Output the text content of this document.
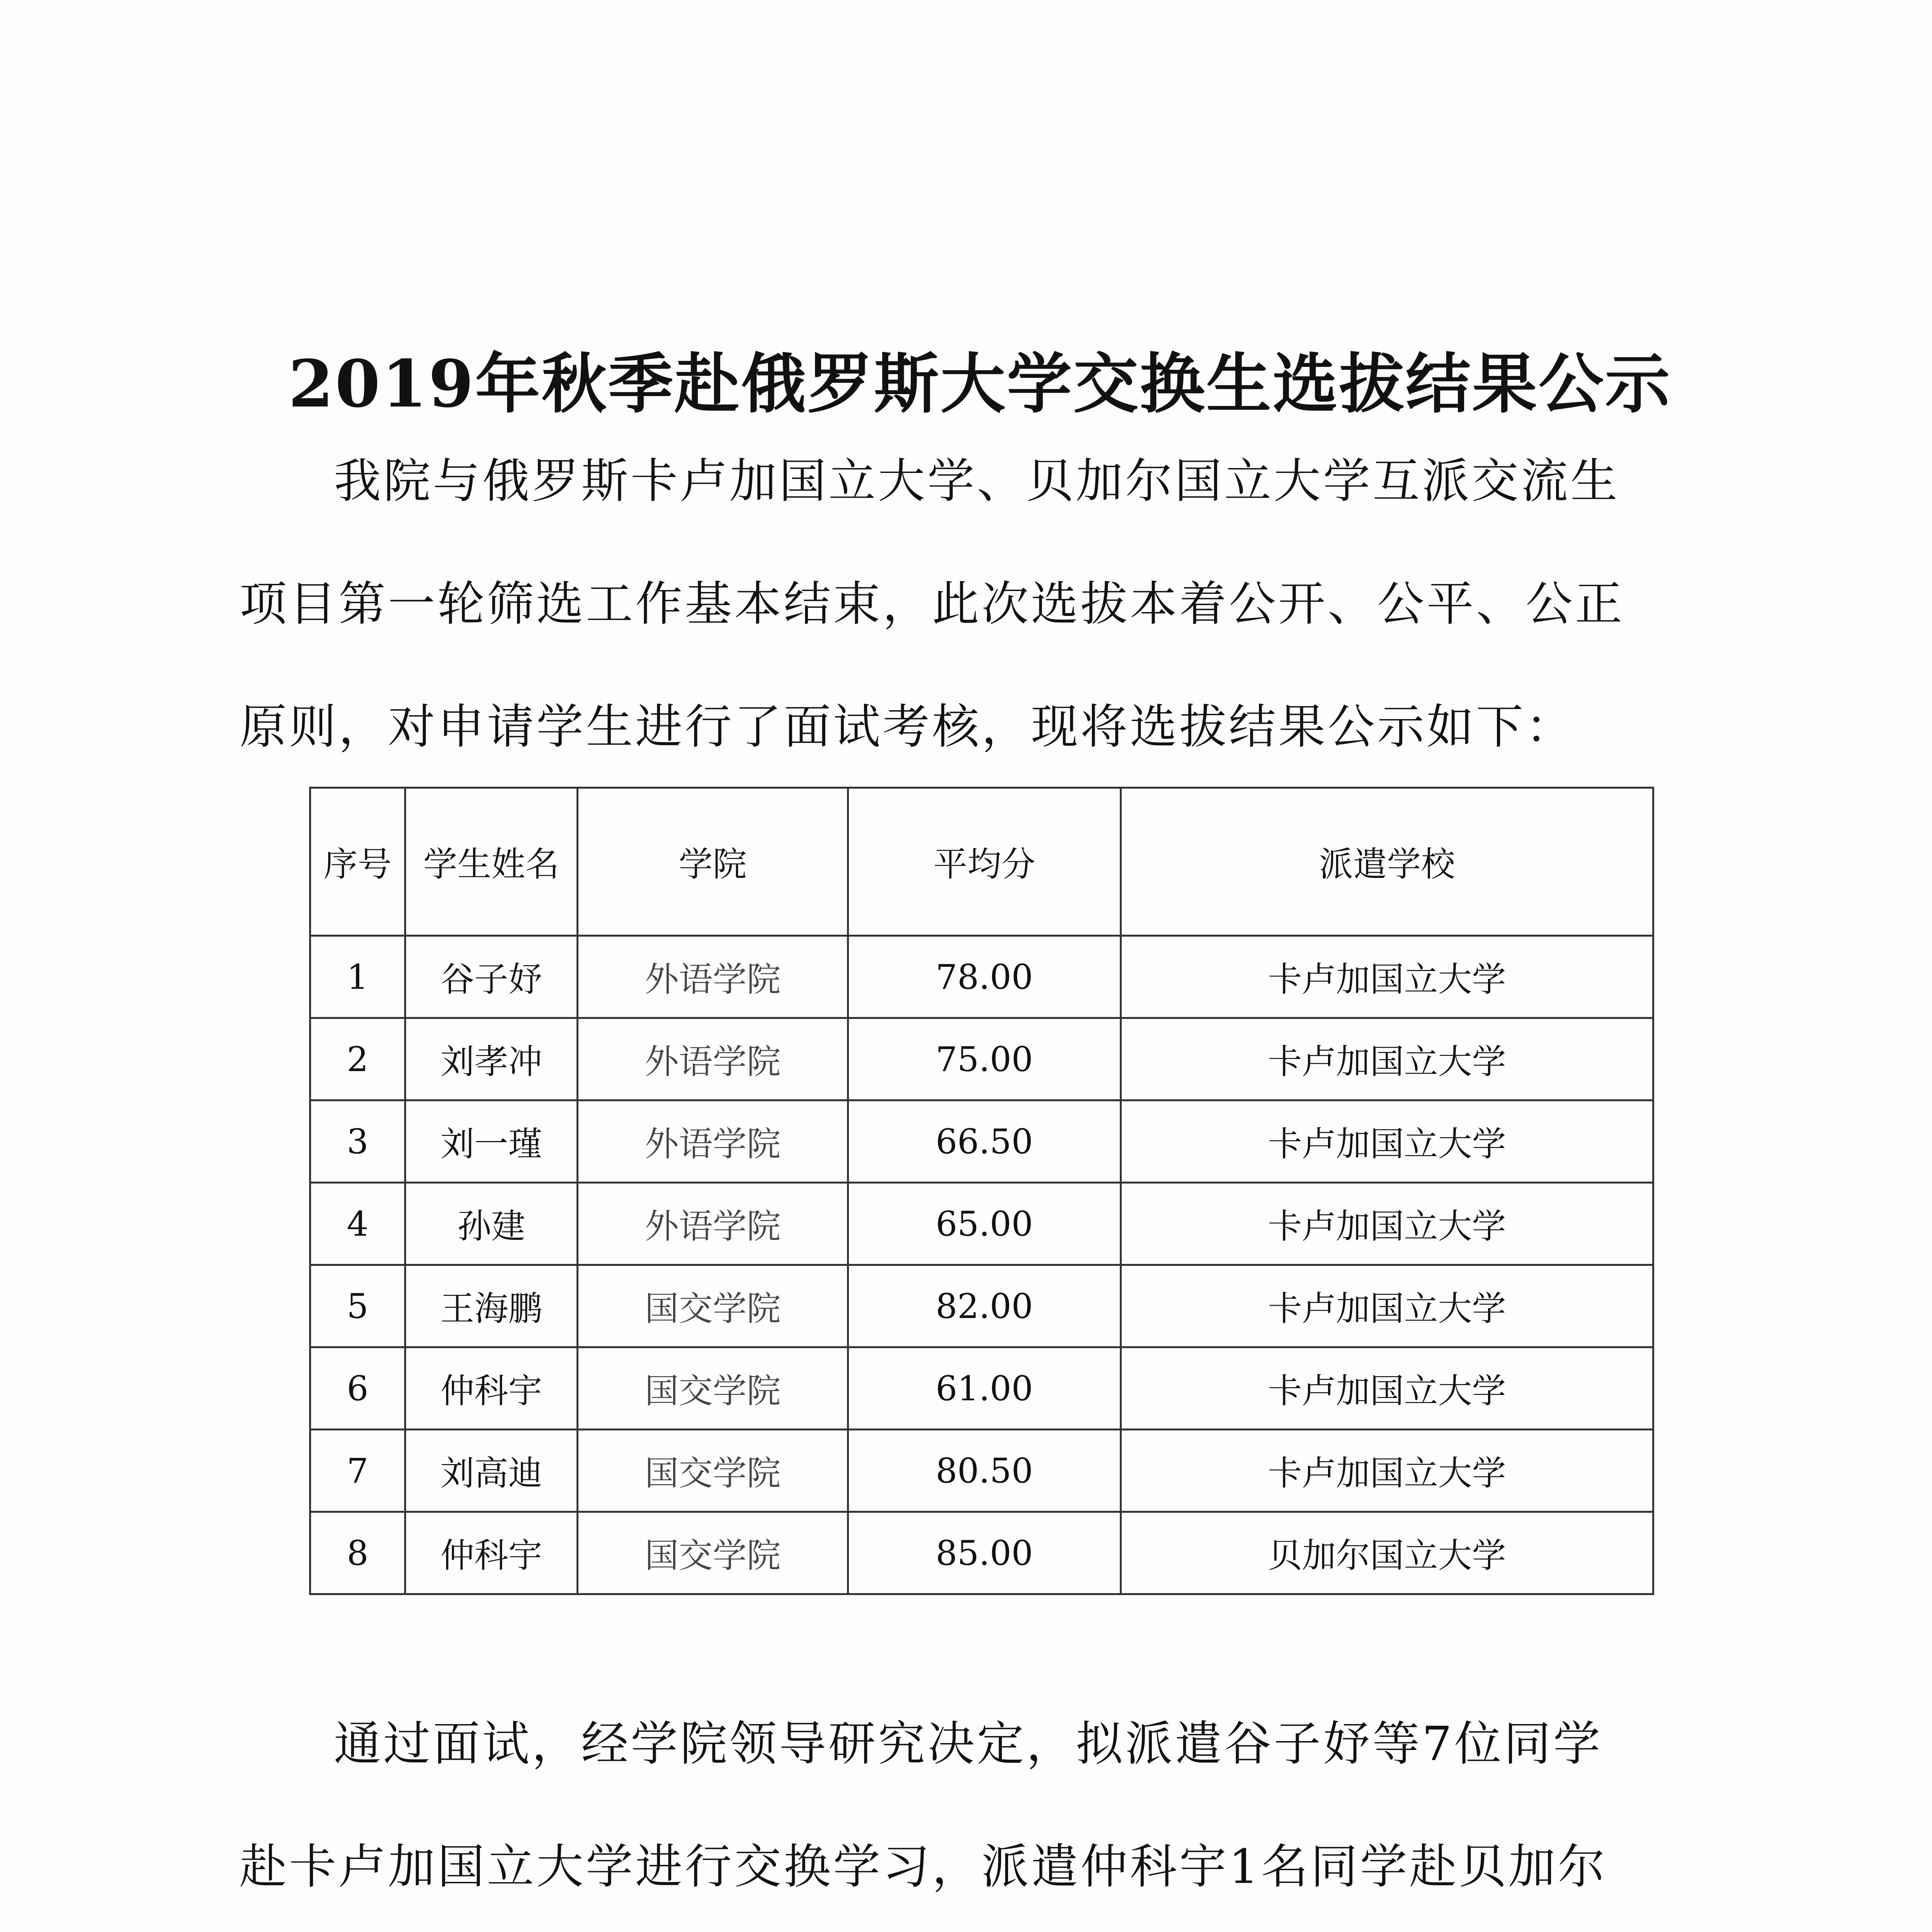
2019年秋季赴俄罗斯大学交换生选拔结果公示
我院与俄罗斯卡卢加国立大学、贝加尔国立大学互派交流生
项目第一轮筛选工作基本结束，此次选拔本着公开、公平、公正
原则，对申请学生进行了面试考核，现将选拔结果公示如下：
序号	学生姓名	学院	平均分	派遣学校
1	谷子妤	外语学院	78.00	卡卢加国立大学
2	刘孝冲	外语学院	75.00	卡卢加国立大学
3	刘一瑾	外语学院	66.50	卡卢加国立大学
4	孙建	外语学院	65.00	卡卢加国立大学
5	王海鹏	国交学院	82.00	卡卢加国立大学
6	仲科宇	国交学院	61.00	卡卢加国立大学
7	刘高迪	国交学院	80.50	卡卢加国立大学
8	仲科宇	国交学院	85.00	贝加尔国立大学
通过面试，经学院领导研究决定，拟派遣谷子妤等7位同学
赴卡卢加国立大学进行交换学习，派遣仲科宇1名同学赴贝加尔
